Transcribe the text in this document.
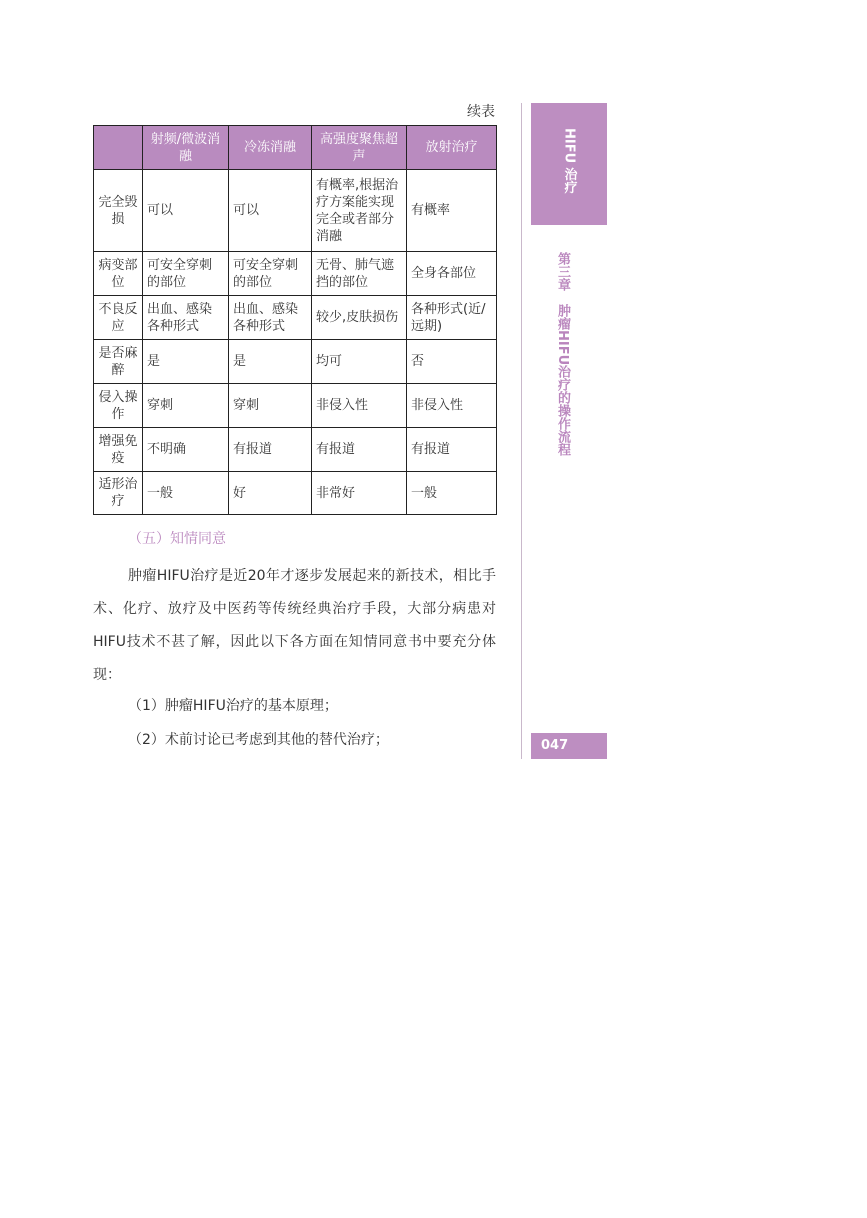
续表
	射频/微波消融	冷冻消融	高强度聚焦超声	放射治疗
完全毁损	可以	可以	有概率,根据治疗方案能实现完全或者部分消融	有概率
病变部位	可安全穿刺的部位	可安全穿刺的部位	无骨、肺气遮挡的部位	全身各部位
不良反应	出血、感染各种形式	出血、感染各种形式	较少,皮肤损伤	各种形式(近/远期)
是否麻醉	是	是	均可	否
侵入操作	穿刺	穿刺	非侵入性	非侵入性
增强免疫	不明确	有报道	有报道	有报道
适形治疗	一般	好	非常好	一般
（五）知情同意
肿瘤HIFU治疗是近20年才逐步发展起来的新技术，相比手术、化疗、放疗及中医药等传统经典治疗手段，大部分病患对HIFU技术不甚了解，因此以下各方面在知情同意书中要充分体现：
（1）肿瘤HIFU治疗的基本原理；
（2）术前讨论已考虑到其他的替代治疗；
HIFU 治疗
第三章　肿瘤HIFU治疗的操作流程
047
